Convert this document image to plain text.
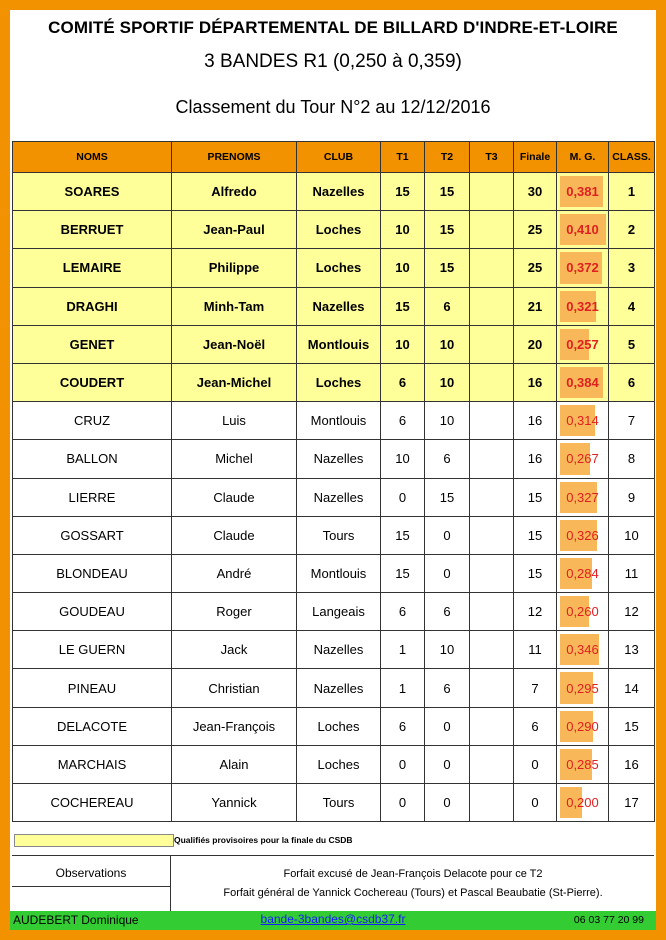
COMITÉ SPORTIF DÉPARTEMENTAL DE BILLARD D'INDRE-ET-LOIRE
3 BANDES R1 (0,250 à 0,359)
Classement du Tour N°2 au 12/12/2016
NOMS	PRENOMS	CLUB	T1	T2	T3	Finale	M. G.	CLASS.
SOARES	Alfredo	Nazelles	15	15		30	0,381	1
BERRUET	Jean-Paul	Loches	10	15		25	0,410	2
LEMAIRE	Philippe	Loches	10	15		25	0,372	3
DRAGHI	Minh-Tam	Nazelles	15	6		21	0,321	4
GENET	Jean-Noël	Montlouis	10	10		20	0,257	5
COUDERT	Jean-Michel	Loches	6	10		16	0,384	6
CRUZ	Luis	Montlouis	6	10		16	0,314	7
BALLON	Michel	Nazelles	10	6		16	0,267	8
LIERRE	Claude	Nazelles	0	15		15	0,327	9
GOSSART	Claude	Tours	15	0		15	0,326	10
BLONDEAU	André	Montlouis	15	0		15	0,284	11
GOUDEAU	Roger	Langeais	6	6		12	0,260	12
LE GUERN	Jack	Nazelles	1	10		11	0,346	13
PINEAU	Christian	Nazelles	1	6		7	0,295	14
DELACOTE	Jean-François	Loches	6	0		6	0,290	15
MARCHAIS	Alain	Loches	0	0		0	0,285	16
COCHEREAU	Yannick	Tours	0	0		0	0,200	17
Qualifiés provisoires pour la finale du CSDB
Observations	Forfait excusé de Jean-François Delacote pour ce T2
Forfait général de Yannick Cochereau (Tours) et Pascal Beaubatie (St-Pierre).
AUDEBERT Dominique	bande-3bandes@csdb37.fr	06 03 77 20 99
